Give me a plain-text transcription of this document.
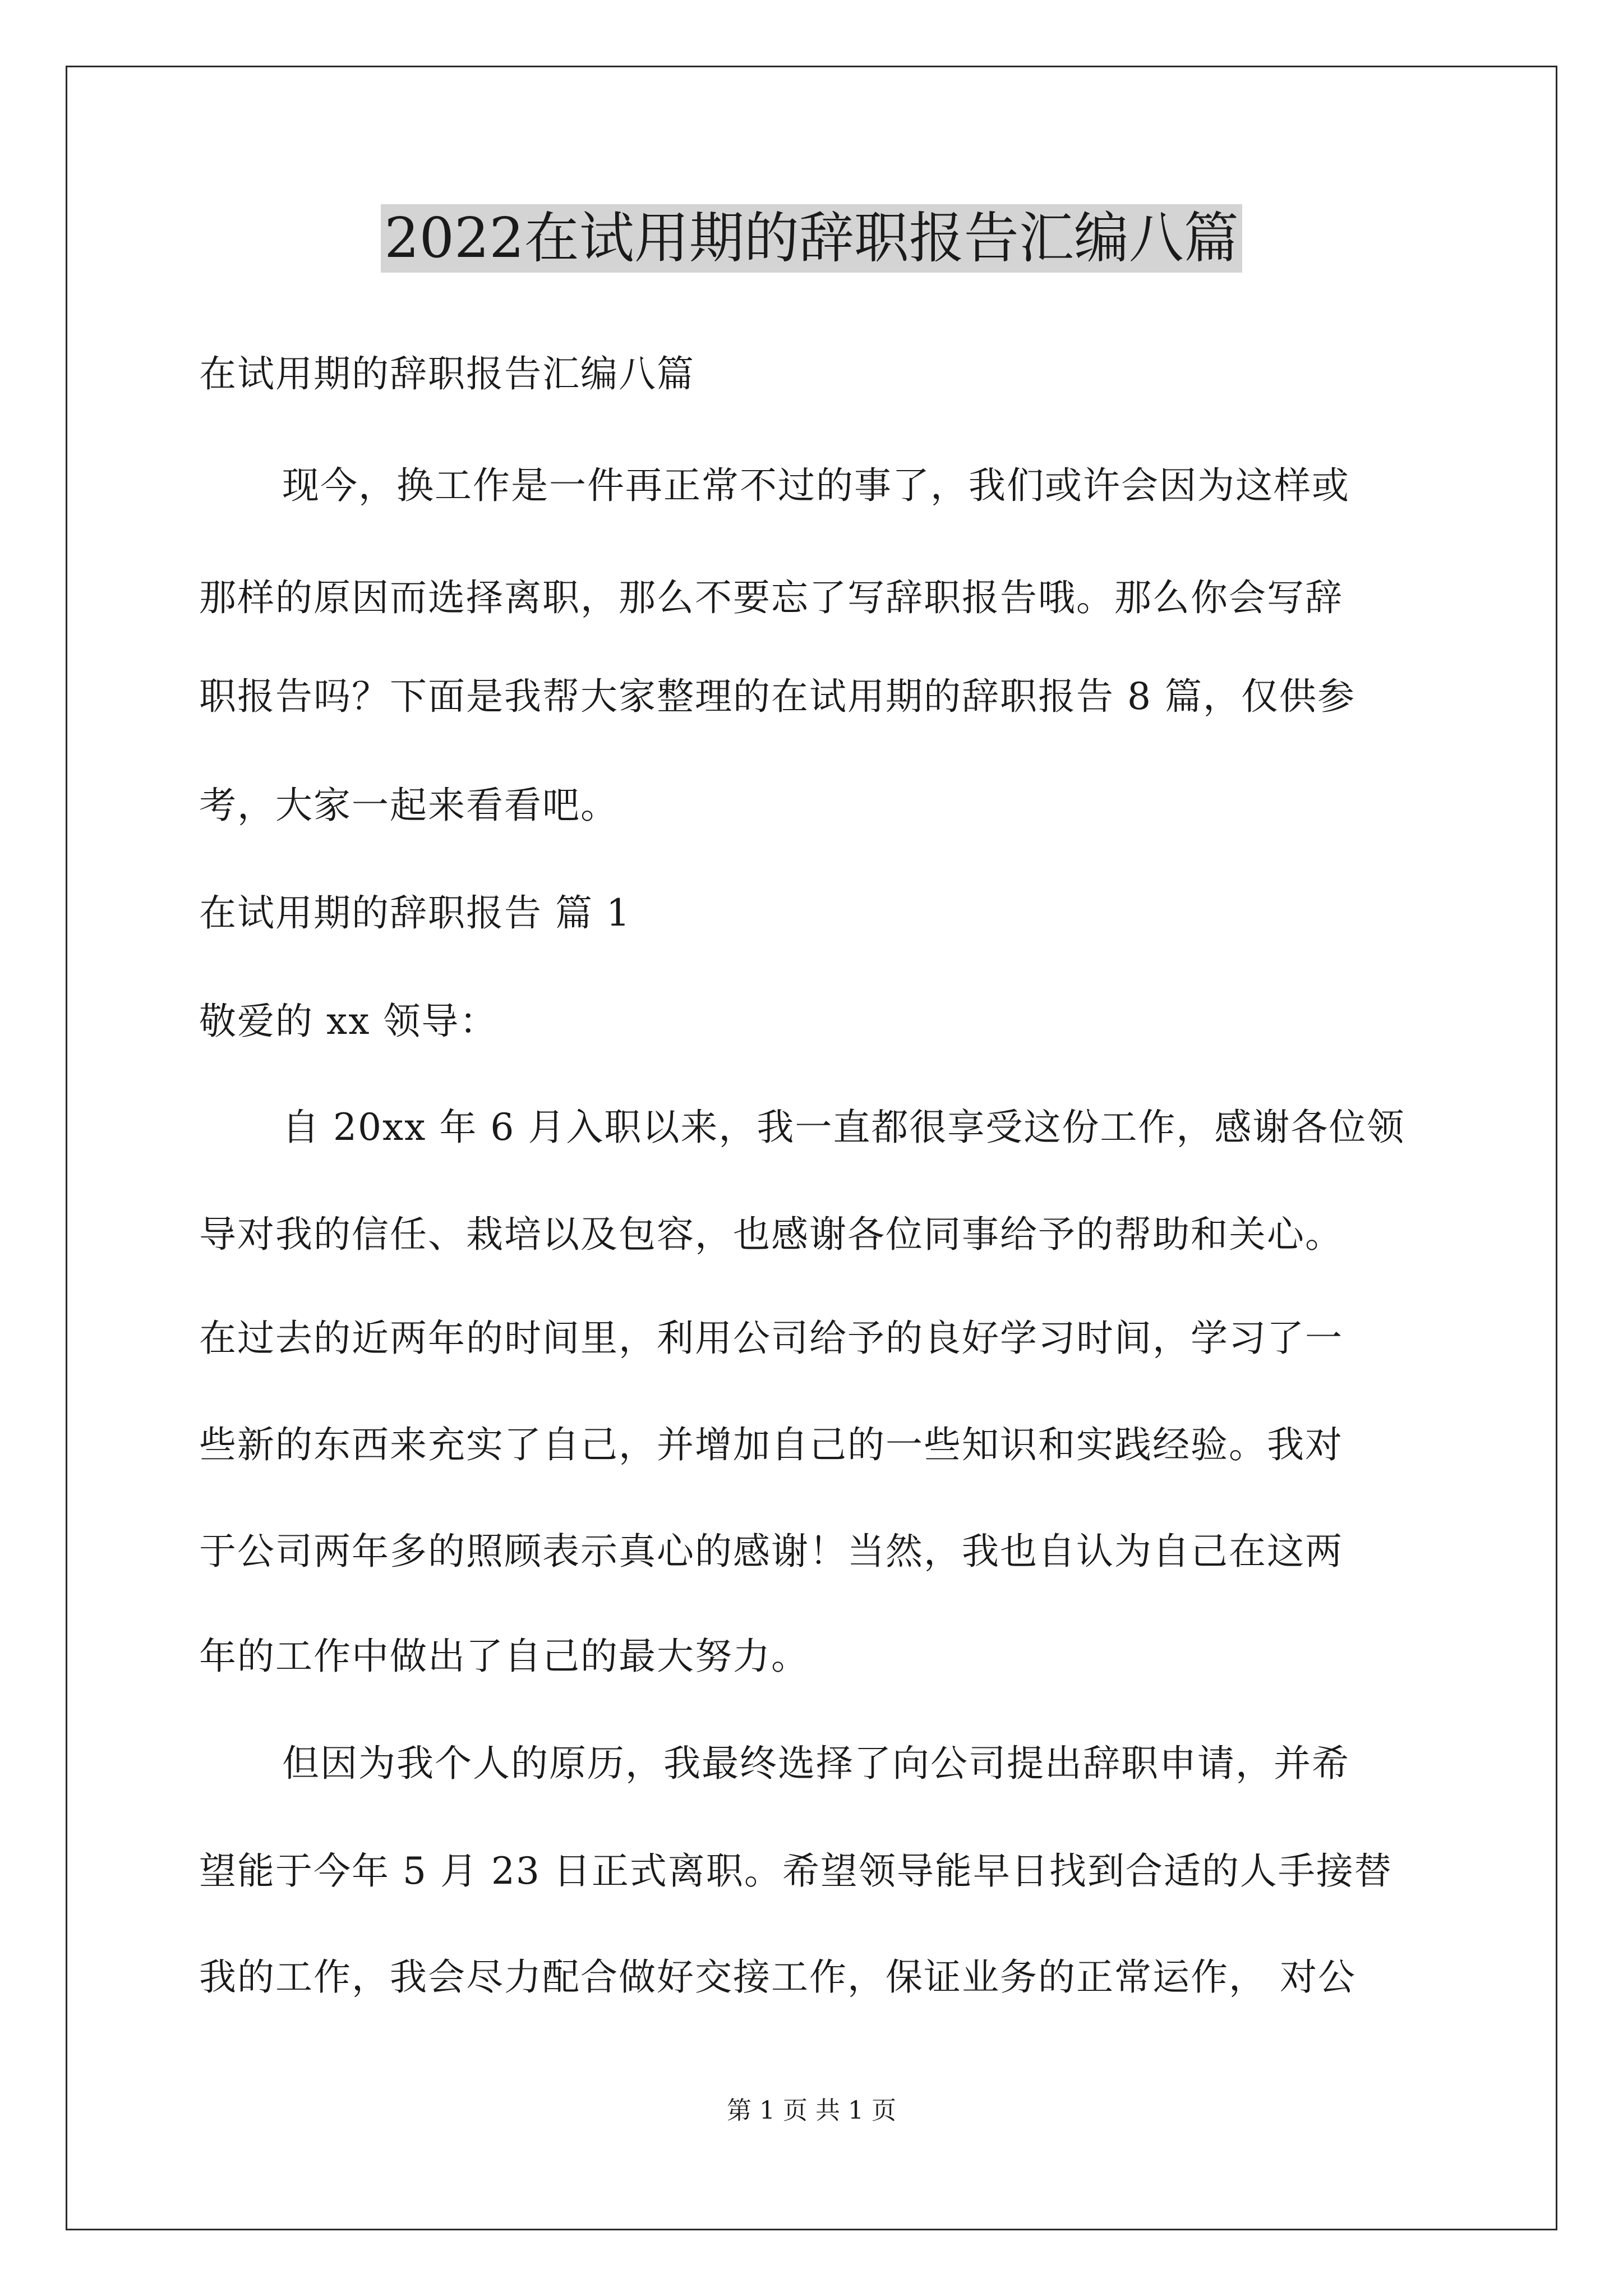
2022在试用期的辞职报告汇编八篇
在试用期的辞职报告汇编八篇
现今，换工作是一件再正常不过的事了，我们或许会因为这样或
那样的原因而选择离职，那么不要忘了写辞职报告哦。那么你会写辞
职报告吗？下面是我帮大家整理的在试用期的辞职报告 8 篇，仅供参
考，大家一起来看看吧。
在试用期的辞职报告 篇 1
敬爱的 xx 领导：
自 20xx 年 6 月入职以来，我一直都很享受这份工作，感谢各位领
导对我的信任、栽培以及包容，也感谢各位同事给予的帮助和关心。
在过去的近两年的时间里，利用公司给予的良好学习时间，学习了一
些新的东西来充实了自己，并增加自己的一些知识和实践经验。我对
于公司两年多的照顾表示真心的感谢！当然，我也自认为自己在这两
年的工作中做出了自己的最大努力。
但因为我个人的原历，我最终选择了向公司提出辞职申请，并希
望能于今年 5 月 23 日正式离职。希望领导能早日找到合适的人手接替
我的工作，我会尽力配合做好交接工作，保证业务的正常运作， 对公
第 1 页 共 1 页
